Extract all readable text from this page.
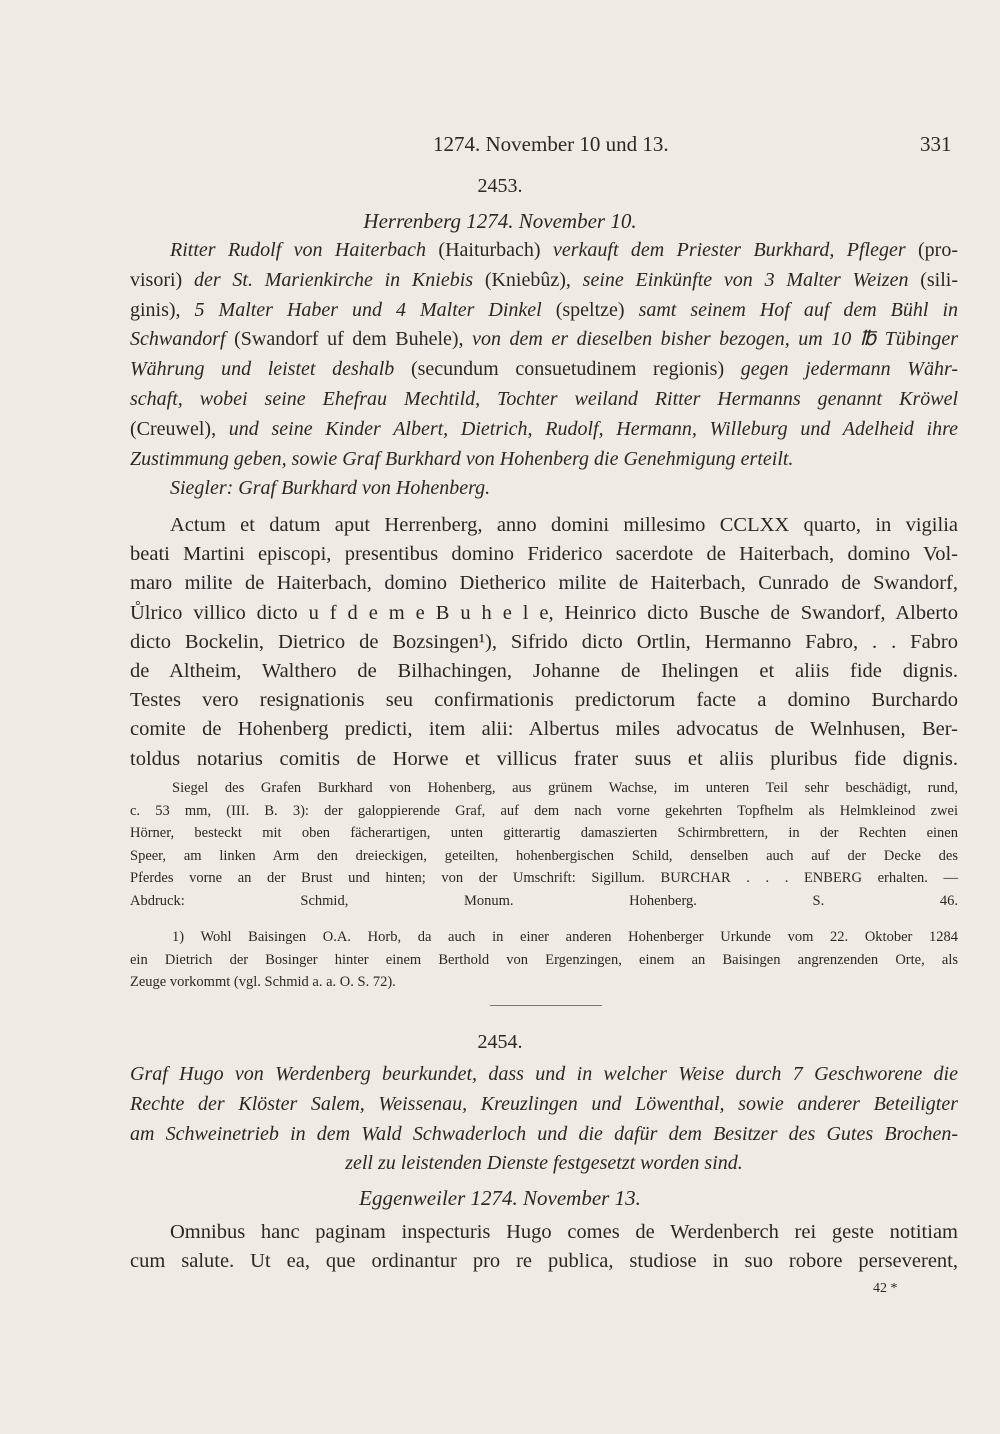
1274. November 10 und 13.	331
2453.
Herrenberg 1274. November 10.
Ritter Rudolf von Haiterbach (Haiturbach) verkauft dem Priester Burkhard, Pfleger (pro-
visori) der St. Marienkirche in Kniebis (Kniebûz), seine Einkünfte von 3 Malter Weizen (sili-
ginis), 5 Malter Haber und 4 Malter Dinkel (speltze) samt seinem Hof auf dem Bühl in
Schwandorf (Swandorf uf dem Buhele), von dem er dieselben bisher bezogen, um 10 ℔ Tübinger
Währung und leistet deshalb (secundum consuetudinem regionis) gegen jedermann Währ-
schaft, wobei seine Ehefrau Mechtild, Tochter weiland Ritter Hermanns genannt Kröwel
(Creuwel), und seine Kinder Albert, Dietrich, Rudolf, Hermann, Willeburg und Adelheid ihre
Zustimmung geben, sowie Graf Burkhard von Hohenberg die Genehmigung erteilt.
Siegler: Graf Burkhard von Hohenberg.
Actum et datum aput Herrenberg, anno domini millesimo CCLXX quarto, in vigilia
beati Martini episcopi, presentibus domino Friderico sacerdote de Haiterbach, domino Vol-
maro milite de Haiterbach, domino Dietherico milite de Haiterbach, Cunrado de Swandorf,
Ůlrico villico dicto u f d e m e B u h e l e, Heinrico dicto Busche de Swandorf, Alberto
dicto Bockelin, Dietrico de Bozsingen¹), Sifrido dicto Ortlin, Hermanno Fabro, . . Fabro
de Altheim, Walthero de Bilhachingen, Johanne de Ihelingen et aliis fide dignis.
Testes vero resignationis seu confirmationis predictorum facte a domino Burchardo
comite de Hohenberg predicti, item alii: Albertus miles advocatus de Welnhusen, Ber-
toldus notarius comitis de Horwe et villicus frater suus et aliis pluribus fide dignis.
Siegel des Grafen Burkhard von Hohenberg, aus grünem Wachse, im unteren Teil sehr beschädigt, rund,
c. 53 mm, (III. B. 3): der galoppierende Graf, auf dem nach vorne gekehrten Topfhelm als Helmkleinod zwei
Hörner, besteckt mit oben fächerartigen, unten gitterartig damaszierten Schirmbrettern, in der Rechten einen
Speer, am linken Arm den dreieckigen, geteilten, hohenbergischen Schild, denselben auch auf der Decke des
Pferdes vorne an der Brust und hinten; von der Umschrift: Sigillum. BURCHAR . . . ENBERG erhalten. —
Abdruck: Schmid, Monum. Hohenberg. S. 46.
1) Wohl Baisingen O.A. Horb, da auch in einer anderen Hohenberger Urkunde vom 22. Oktober 1284
ein Dietrich der Bosinger hinter einem Berthold von Ergenzingen, einem an Baisingen angrenzenden Orte, als
Zeuge vorkommt (vgl. Schmid a. a. O. S. 72).
2454.
Graf Hugo von Werdenberg beurkundet, dass und in welcher Weise durch 7 Geschworene die
Rechte der Klöster Salem, Weissenau, Kreuzlingen und Löwenthal, sowie anderer Beteiligter
am Schweinetrieb in dem Wald Schwaderloch und die dafür dem Besitzer des Gutes Brochen-
zell zu leistenden Dienste festgesetzt worden sind.
Eggenweiler 1274. November 13.
Omnibus hanc paginam inspecturis Hugo comes de Werdenberch rei geste notitiam
cum salute. Ut ea, que ordinantur pro re publica, studiose in suo robore perseverent,
42 *
